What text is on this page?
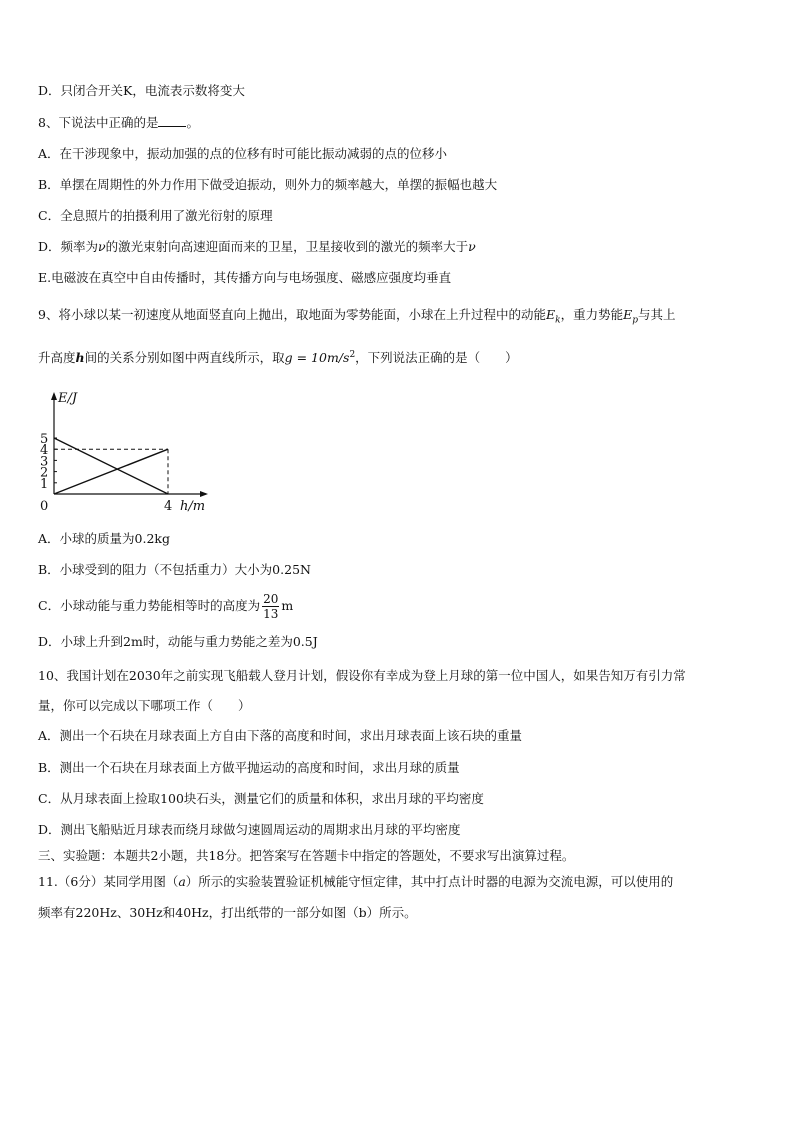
D．只闭合开关K，电流表示数将变大
8、下说法中正确的是 。
A．在干涉现象中，振动加强的点的位移有时可能比振动减弱的点的位移小
B．单摆在周期性的外力作用下做受迫振动，则外力的频率越大，单摆的振幅也越大
C．全息照片的拍摄利用了激光衍射的原理
D．频率为ν的激光束射向高速迎面而来的卫星，卫星接收到的激光的频率大于ν
E.电磁波在真空中自由传播时，其传播方向与电场强度、磁感应强度均垂直
9、将小球以某一初速度从地面竖直向上抛出，取地面为零势能面，小球在上升过程中的动能$E_k$，重力势能$E_p$与其上
升高度h间的关系分别如图中两直线所示，取$g = 10m/s^2$，下列说法正确的是（　　）
E/J
h/m
1
2
3
4
5
0	4
A．小球的质量为0.2kg
B．小球受到的阻力（不包括重力）大小为0.25N
C．小球动能与重力势能相等时的高度为 $\frac{20}{13}$ m
D．小球上升到2m时，动能与重力势能之差为0.5J
10、我国计划在2030年之前实现飞船载人登月计划，假设你有幸成为登上月球的第一位中国人，如果告知万有引力常
量，你可以完成以下哪项工作（　　）
A．测出一个石块在月球表面上方自由下落的高度和时间，求出月球表面上该石块的重量
B．测出一个石块在月球表面上方做平抛运动的高度和时间，求出月球的质量
C．从月球表面上捡取100块石头，测量它们的质量和体积，求出月球的平均密度
D．测出飞船贴近月球表而绕月球做匀速圆周运动的周期求出月球的平均密度
三、实验题：本题共2小题，共18分。把答案写在答题卡中指定的答题处，不要求写出演算过程。
11.（6分）某同学用图（a）所示的实验装置验证机械能守恒定律，其中打点计时器的电源为交流电源，可以使用的
频率有220Hz、30Hz和40Hz，打出纸带的一部分如图（b）所示。
